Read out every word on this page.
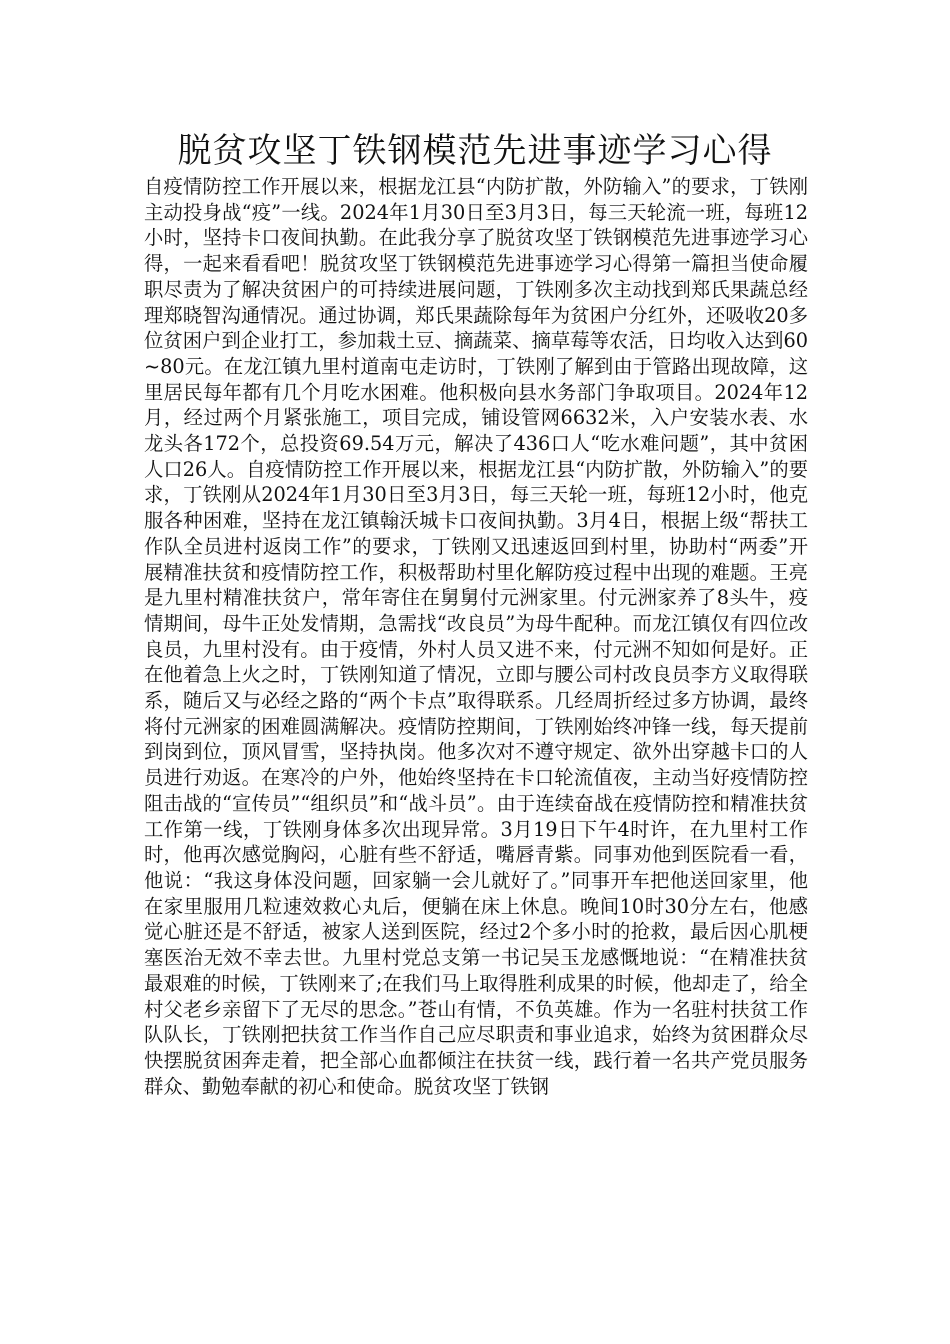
脱贫攻坚丁铁钢模范先进事迹学习心得

自疫情防控工作开展以来，根据龙江县“内防扩散，外防输入”的要求，丁铁刚主动投身战“疫”一线。2024年1月30日至3月3日，每三天轮流一班，每班12小时，坚持卡口夜间执勤。在此我分享了脱贫攻坚丁铁钢模范先进事迹学习心得，一起来看看吧！脱贫攻坚丁铁钢模范先进事迹学习心得第一篇担当使命履职尽责为了解决贫困户的可持续进展问题，丁铁刚多次主动找到郑氏果蔬总经理郑晓智沟通情况。通过协调，郑氏果蔬除每年为贫困户分红外，还吸收20多位贫困户到企业打工，参加栽土豆、摘蔬菜、摘草莓等农活，日均收入达到60~80元。在龙江镇九里村道南屯走访时，丁铁刚了解到由于管路出现故障，这里居民每年都有几个月吃水困难。他积极向县水务部门争取项目。2024年12月，经过两个月紧张施工，项目完成，铺设管网6632米，入户安装水表、水龙头各172个，总投资69.54万元，解决了436口人“吃水难问题”，其中贫困人口26人。自疫情防控工作开展以来，根据龙江县“内防扩散，外防输入”的要求，丁铁刚从2024年1月30日至3月3日，每三天轮一班，每班12小时，他克服各种困难，坚持在龙江镇翰沃城卡口夜间执勤。3月4日，根据上级“帮扶工作队全员进村返岗工作”的要求，丁铁刚又迅速返回到村里，协助村“两委”开展精准扶贫和疫情防控工作，积极帮助村里化解防疫过程中出现的难题。王亮是九里村精准扶贫户，常年寄住在舅舅付元洲家里。付元洲家养了8头牛，疫情期间，母牛正处发情期，急需找“改良员”为母牛配种。而龙江镇仅有四位改良员，九里村没有。由于疫情，外村人员又进不来，付元洲不知如何是好。正在他着急上火之时，丁铁刚知道了情况，立即与腰公司村改良员李方义取得联系，随后又与必经之路的“两个卡点”取得联系。几经周折经过多方协调，最终将付元洲家的困难圆满解决。疫情防控期间，丁铁刚始终冲锋一线，每天提前到岗到位，顶风冒雪，坚持执岗。他多次对不遵守规定、欲外出穿越卡口的人员进行劝返。在寒冷的户外，他始终坚持在卡口轮流值夜，主动当好疫情防控阻击战的“宣传员”“组织员”和“战斗员”。由于连续奋战在疫情防控和精准扶贫工作第一线，丁铁刚身体多次出现异常。3月19日下午4时许，在九里村工作时，他再次感觉胸闷，心脏有些不舒适，嘴唇青紫。同事劝他到医院看一看，他说：“我这身体没问题，回家躺一会儿就好了。”同事开车把他送回家里，他在家里服用几粒速效救心丸后，便躺在床上休息。晚间10时30分左右，他感觉心脏还是不舒适，被家人送到医院，经过2个多小时的抢救，最后因心肌梗塞医治无效不幸去世。九里村党总支第一书记吴玉龙感慨地说：“在精准扶贫最艰难的时候，丁铁刚来了;在我们马上取得胜利成果的时候，他却走了，给全村父老乡亲留下了无尽的思念。”苍山有情，不负英雄。作为一名驻村扶贫工作队队长，丁铁刚把扶贫工作当作自己应尽职责和事业追求，始终为贫困群众尽快摆脱贫困奔走着，把全部心血都倾注在扶贫一线，践行着一名共产党员服务群众、勤勉奉献的初心和使命。脱贫攻坚丁铁钢
